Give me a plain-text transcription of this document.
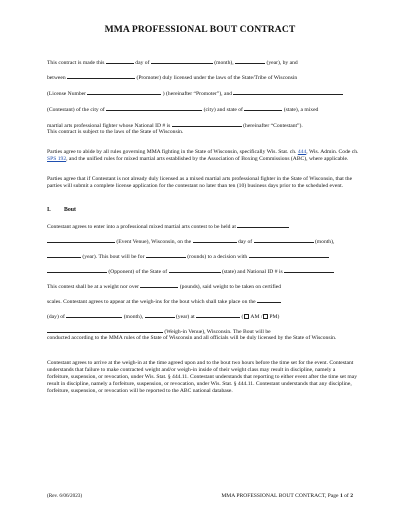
MMA PROFESSIONAL BOUT CONTRACT
This contract is made this	day of	(month),	(year), by and
between	(Promoter) duly licensed under the laws of the State/Tribe of Wisconsin
(License Number	) (hereinafter “Promoter”), and
(Contestant) of the city of	(city) and state of	(state), a mixed
martial arts professional fighter whose National ID # is	(hereinafter “Contestant”).
This contract is subject to the laws of the State of Wisconsin.
Parties agree to abide by all rules governing MMA fighting in the State of Wisconsin, specifically Wis. Stat. ch. 444, Wis. Admin. Code ch. SPS 192, and the unified rules for mixed martial arts established by the Association of Boxing Commissions (ABC), where applicable.
Parties agree that if Contestant is not already duly licensed as a mixed martial arts professional fighter in the State of Wisconsin, that the parties will submit a complete license application for the contestant no later than ten (10) business days prior to the scheduled event.
I. Bout
Contestant agrees to enter into a professional mixed martial arts contest to be held at
(Event Venue), Wisconsin, on the	day of	(month),
(year). This bout will be for	(rounds) to a decision with
(Opponent) of the State of	(state) and National ID # is
This contest shall be at a weight nor over	(pounds), said weight to be taken on certified
scales. Contestant agrees to appear at the weigh-ins for the bout which shall take place on the
(day) of	(month),	(year) at	( AM / PM)
(Weigh-in Venue), Wisconsin. The Bout will be
conducted according to the MMA rules of the State of Wisconsin and all officials will be duly licensed by the State of Wisconsin.
Contestant agrees to arrive at the weigh-in at the time agreed upon and to the bout two hours before the time set for the event. Contestant understands that failure to make contracted weight and/or weigh-in inside of their weight class may result in discipline, namely a forfeiture, suspension, or revocation, under Wis. Stat. § 444.11. Contestant understands that reporting to either event after the time set may result in discipline, namely a forfeiture, suspension, or revocation, under Wis. Stat. § 444.11. Contestant understands that any discipline, forfeiture, suspension, or revocation will be reported to the ABC national database.
(Rev. 6/06/2023)	MMA PROFESSIONAL BOUT CONTRACT, Page 1 of 2
